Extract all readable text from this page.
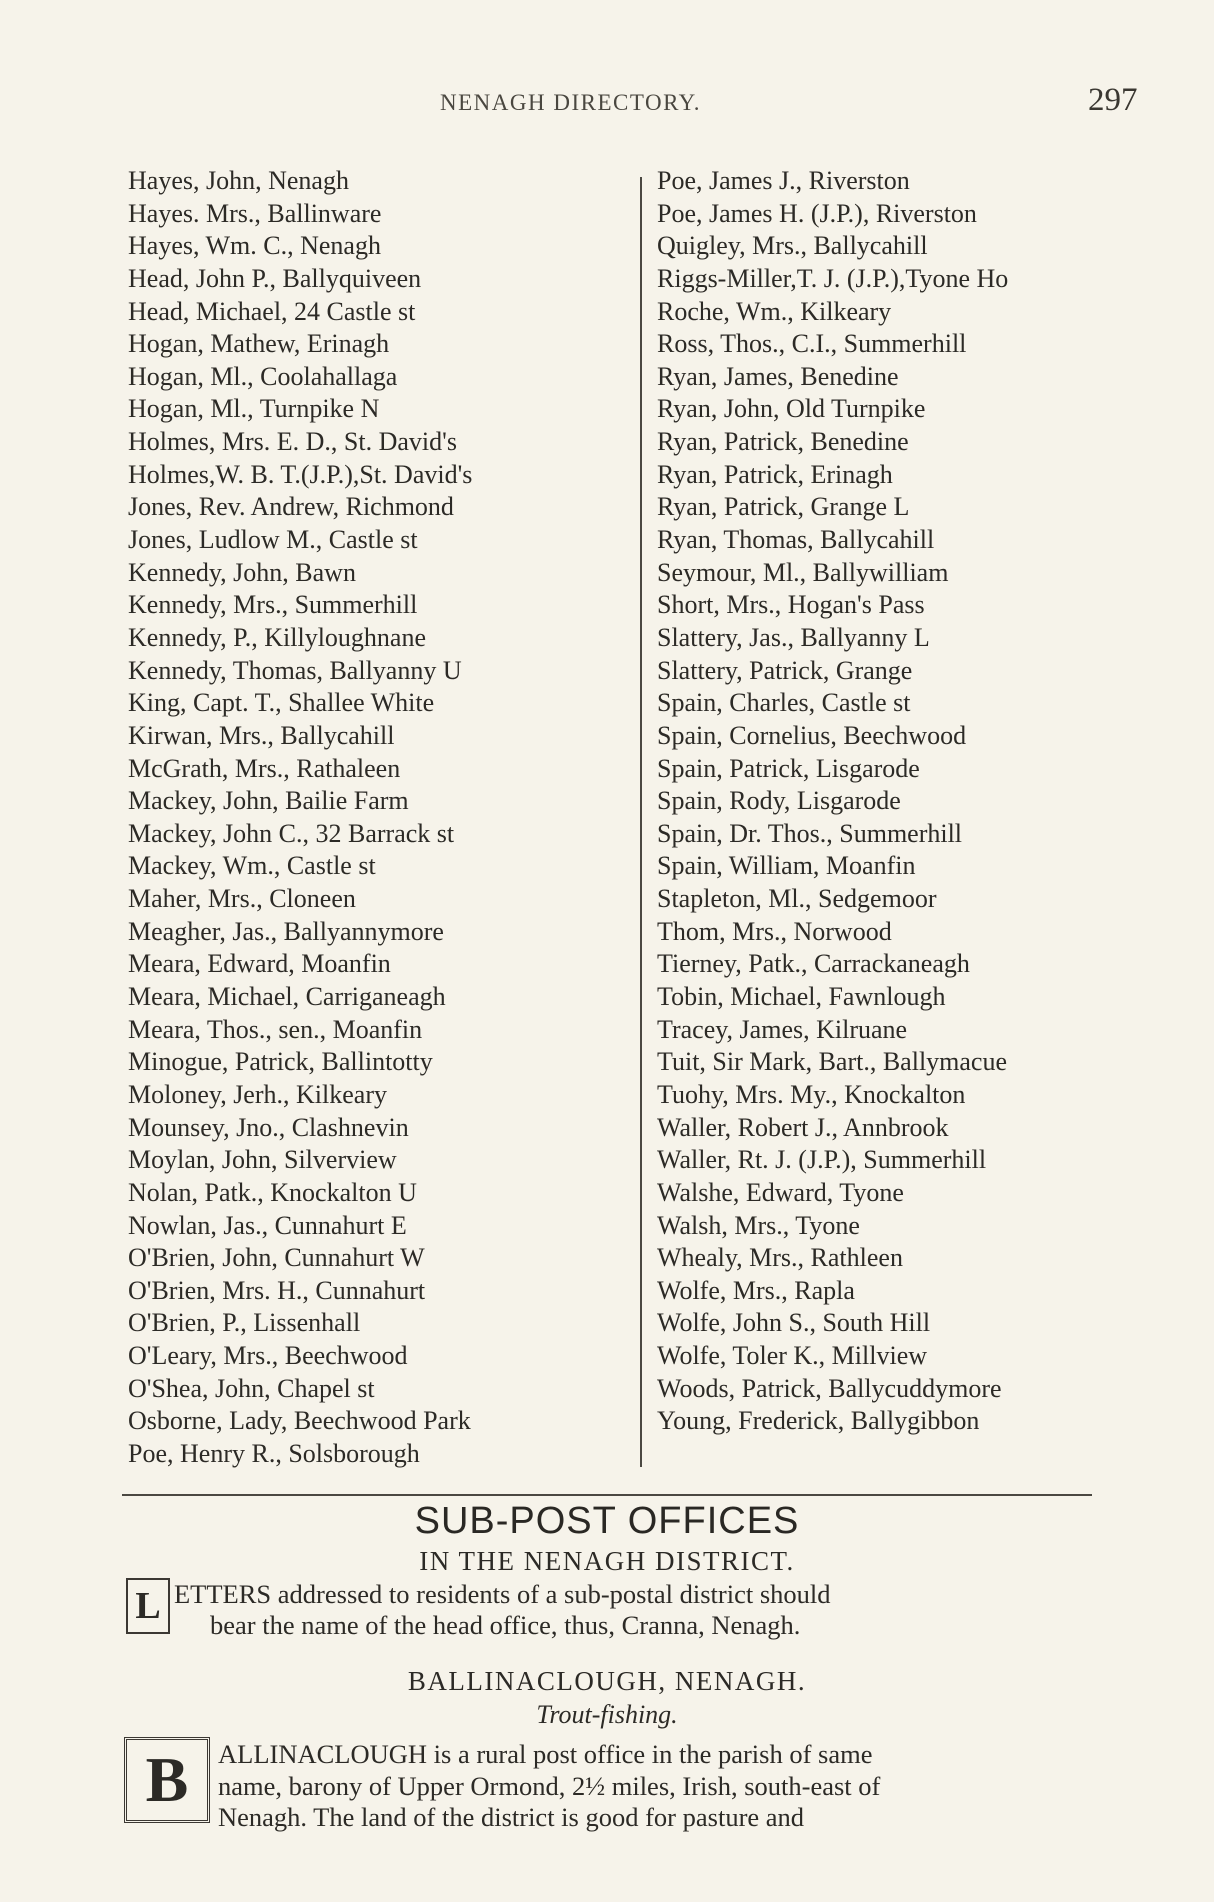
NENAGH DIRECTORY.	297
Hayes, John, Nenagh
Hayes. Mrs., Ballinware
Hayes, Wm. C., Nenagh
Head, John P., Ballyquiveen
Head, Michael, 24 Castle st
Hogan, Mathew, Erinagh
Hogan, Ml., Coolahallaga
Hogan, Ml., Turnpike N
Holmes, Mrs. E. D., St. David's
Holmes,W. B. T.(J.P.),St. David's
Jones, Rev. Andrew, Richmond
Jones, Ludlow M., Castle st
Kennedy, John, Bawn
Kennedy, Mrs., Summerhill
Kennedy, P., Killyloughnane
Kennedy, Thomas, Ballyanny U
King, Capt. T., Shallee White
Kirwan, Mrs., Ballycahill
McGrath, Mrs., Rathaleen
Mackey, John, Bailie Farm
Mackey, John C., 32 Barrack st
Mackey, Wm., Castle st
Maher, Mrs., Cloneen
Meagher, Jas., Ballyannymore
Meara, Edward, Moanfin
Meara, Michael, Carriganeagh
Meara, Thos., sen., Moanfin
Minogue, Patrick, Ballintotty
Moloney, Jerh., Kilkeary
Mounsey, Jno., Clashnevin
Moylan, John, Silverview
Nolan, Patk., Knockalton U
Nowlan, Jas., Cunnahurt E
O'Brien, John, Cunnahurt W
O'Brien, Mrs. H., Cunnahurt
O'Brien, P., Lissenhall
O'Leary, Mrs., Beechwood
O'Shea, John, Chapel st
Osborne, Lady, Beechwood Park
Poe, Henry R., Solsborough
Poe, James J., Riverston
Poe, James H. (J.P.), Riverston
Quigley, Mrs., Ballycahill
Riggs-Miller,T. J. (J.P.),Tyone Ho
Roche, Wm., Kilkeary
Ross, Thos., C.I., Summerhill
Ryan, James, Benedine
Ryan, John, Old Turnpike
Ryan, Patrick, Benedine
Ryan, Patrick, Erinagh
Ryan, Patrick, Grange L
Ryan, Thomas, Ballycahill
Seymour, Ml., Ballywilliam
Short, Mrs., Hogan's Pass
Slattery, Jas., Ballyanny L
Slattery, Patrick, Grange
Spain, Charles, Castle st
Spain, Cornelius, Beechwood
Spain, Patrick, Lisgarode
Spain, Rody, Lisgarode
Spain, Dr. Thos., Summerhill
Spain, William, Moanfin
Stapleton, Ml., Sedgemoor
Thom, Mrs., Norwood
Tierney, Patk., Carrackaneagh
Tobin, Michael, Fawnlough
Tracey, James, Kilruane
Tuit, Sir Mark, Bart., Ballymacue
Tuohy, Mrs. My., Knockalton
Waller, Robert J., Annbrook
Waller, Rt. J. (J.P.), Summerhill
Walshe, Edward, Tyone
Walsh, Mrs., Tyone
Whealy, Mrs., Rathleen
Wolfe, Mrs., Rapla
Wolfe, John S., South Hill
Wolfe, Toler K., Millview
Woods, Patrick, Ballycuddymore
Young, Frederick, Ballygibbon
SUB-POST OFFICES
IN THE NENAGH DISTRICT.
L ETTERS addressed to residents of a sub-postal district should
bear the name of the head office, thus, Cranna, Nenagh.

BALLINACLOUGH, NENAGH.
Trout-fishing.
B	ALLINACLOUGH is a rural post office in the parish of same
name, barony of Upper Ormond, 2½ miles, Irish, south-east of
Nenagh. The land of the district is good for pasture and
